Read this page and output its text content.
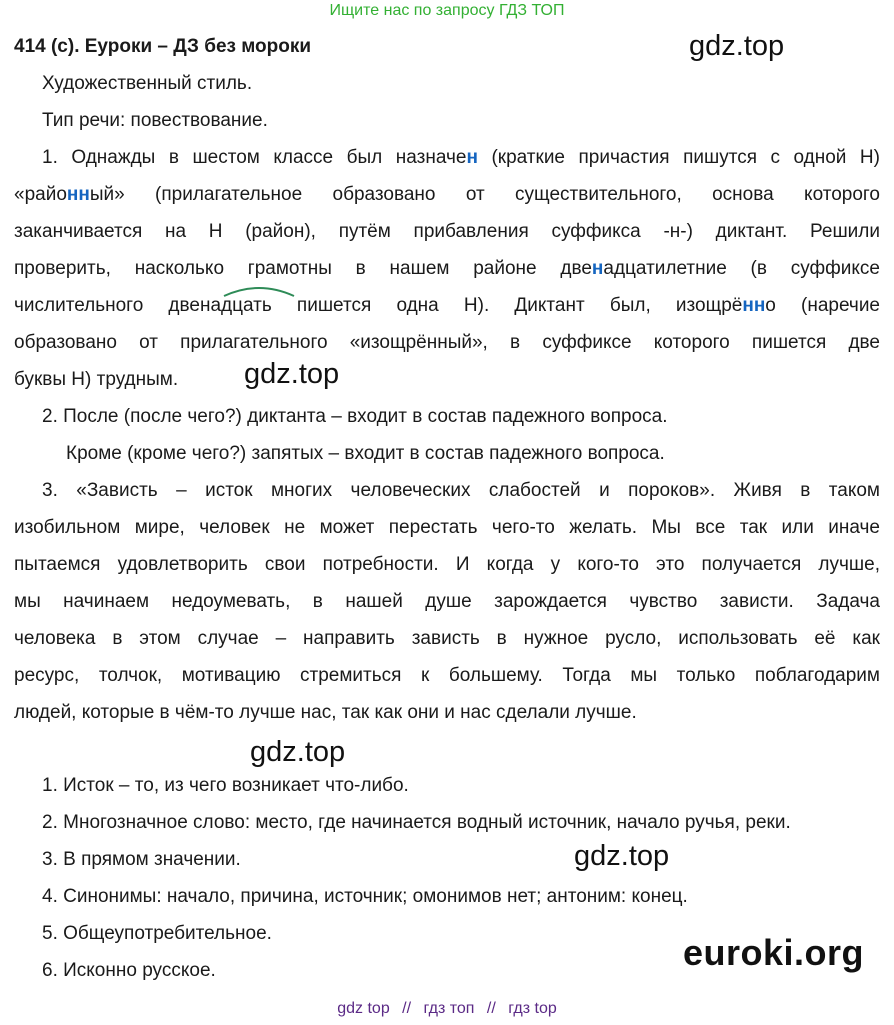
Ищите нас по запросу ГДЗ ТОП
414 (с). Еуроки – ДЗ без мороки	gdz.top
Художественный стиль.
Тип речи: повествование.
1. Однажды в шестом классе был назначен (краткие причастия пишутся с одной Н)
«районный» (прилагательное образовано от существительного, основа которого
заканчивается на Н (район), путём прибавления суффикса -н-) диктант. Решили
проверить, насколько грамотны в нашем районе двенадцатилетние (в суффиксе
числительного двенадцать пишется одна Н). Диктант был, изощрённо (наречие
образовано от прилагательного «изощрённый», в суффиксе которого пишется две
буквы Н) трудным. gdz.top
2. После (после чего?) диктанта – входит в состав падежного вопроса.
Кроме (кроме чего?) запятых – входит в состав падежного вопроса.
3. «Зависть – исток многих человеческих слабостей и пороков». Живя в таком
изобильном мире, человек не может перестать чего-то желать. Мы все так или иначе
пытаемся удовлетворить свои потребности. И когда у кого-то это получается лучше,
мы начинаем недоумевать, в нашей душе зарождается чувство зависти. Задача
человека в этом случае – направить зависть в нужное русло, использовать её как
ресурс, толчок, мотивацию стремиться к большему. Тогда мы только поблагодарим
людей, которые в чём-то лучше нас, так как они и нас сделали лучше.
gdz.top
1. Исток – то, из чего возникает что-либо.
2. Многозначное слово: место, где начинается водный источник, начало ручья, реки.
3. В прямом значении.
4. Синонимы: начало, причина, источник; омонимов нет; антоним: конец.
5. Общеупотребительное.
6. Исконно русское.
gdz.top
euroki.org
gdz top // гдз топ // гдз top
